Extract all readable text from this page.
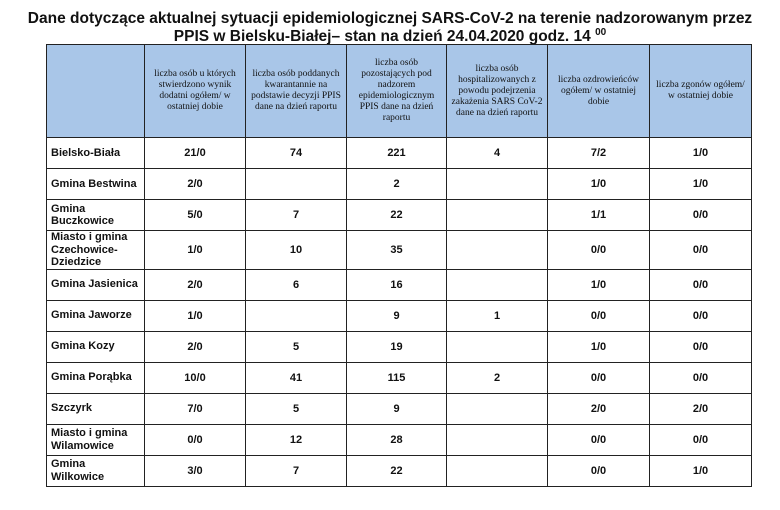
Dane dotyczące aktualnej sytuacji epidemiologicznej SARS-CoV-2 na terenie nadzorowanym przez
PPIS w Bielsku-Białej– stan na dzień 24.04.2020 godz. 14 $^{00}$
	liczba osób u których stwierdzono wynik dodatni ogółem/ w ostatniej dobie	liczba osób poddanych kwarantannie na podstawie decyzji PPIS dane na dzień raportu	liczba osób pozostających pod nadzorem epidemiologicznym PPIS dane na dzień raportu	liczba osób hospitalizowanych z powodu podejrzenia zakażenia SARS CoV-2 dane na dzień raportu	liczba ozdrowieńców ogółem/ w ostatniej dobie	liczba zgonów ogółem/ w ostatniej dobie
Bielsko-Biała	21/0	74	221	4	7/2	1/0
Gmina Bestwina	2/0		2		1/0	1/0
Gmina Buczkowice	5/0	7	22		1/1	0/0
Miasto i gmina Czechowice-Dziedzice	1/0	10	35		0/0	0/0
Gmina Jasienica	2/0	6	16		1/0	0/0
Gmina Jaworze	1/0		9	1	0/0	0/0
Gmina Kozy	2/0	5	19		1/0	0/0
Gmina Porąbka	10/0	41	115	2	0/0	0/0
Szczyrk	7/0	5	9		2/0	2/0
Miasto i gmina Wilamowice	0/0	12	28		0/0	0/0
Gmina Wilkowice	3/0	7	22		0/0	1/0
